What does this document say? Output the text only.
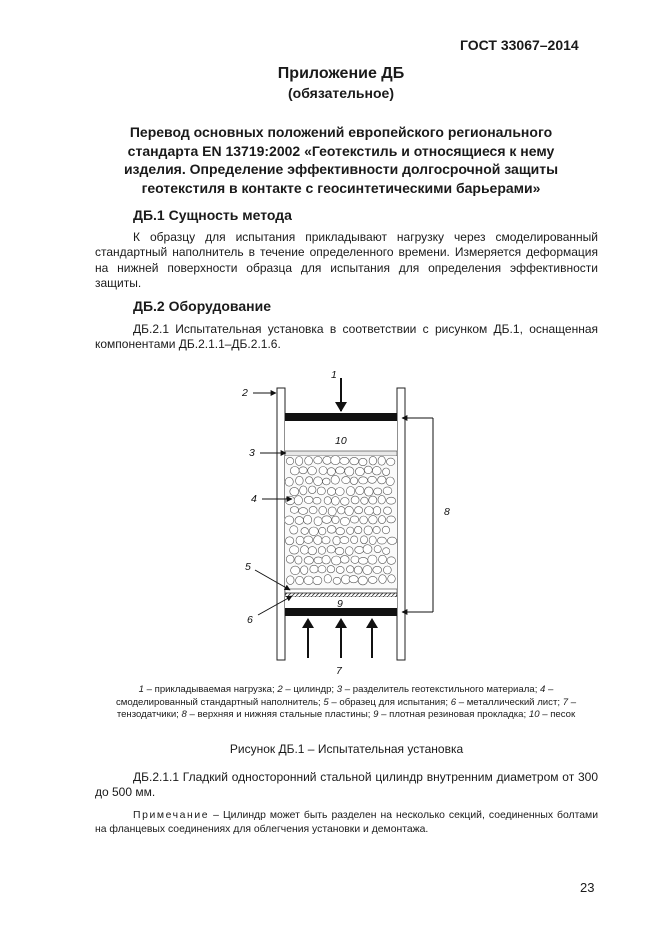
ГОСТ 33067–2014
Приложение ДБ
(обязательное)
Перевод основных положений европейского регионального
стандарта EN 13719:2002 «Геотекстиль и относящиеся к нему
изделия. Определение эффективности долгосрочной защиты
геотекстиля в контакте с геосинтетическими барьерами»
ДБ.1 Сущность метода
К образцу для испытания прикладывают нагрузку через смоделированный стандартный наполнитель в течение определенного времени. Измеряется деформация на нижней поверхности образца для испытания для определения эффективности защиты.
ДБ.2 Оборудование
ДБ.2.1 Испытательная установка в соответствии с рисунком ДБ.1, оснащенная компонентами ДБ.2.1.1–ДБ.2.1.6.
1
2
10
3
4
8
5
9
6
7
1 – прикладываемая нагрузка; 2 – цилиндр; 3 – разделитель геотекстильного материала; 4 – смоделированный стандартный наполнитель; 5 – образец для испытания; 6 – металлический лист; 7 – тензодатчики; 8 – верхняя и нижняя стальные пластины; 9 – плотная резиновая прокладка; 10 – песок
Рисунок ДБ.1 – Испытательная установка
ДБ.2.1.1 Гладкий односторонний стальной цилиндр внутренним диаметром от 300 до 500 мм.
Примечание – Цилиндр может быть разделен на несколько секций, соединенных болтами на фланцевых соединениях для облегчения установки и демонтажа.
23
